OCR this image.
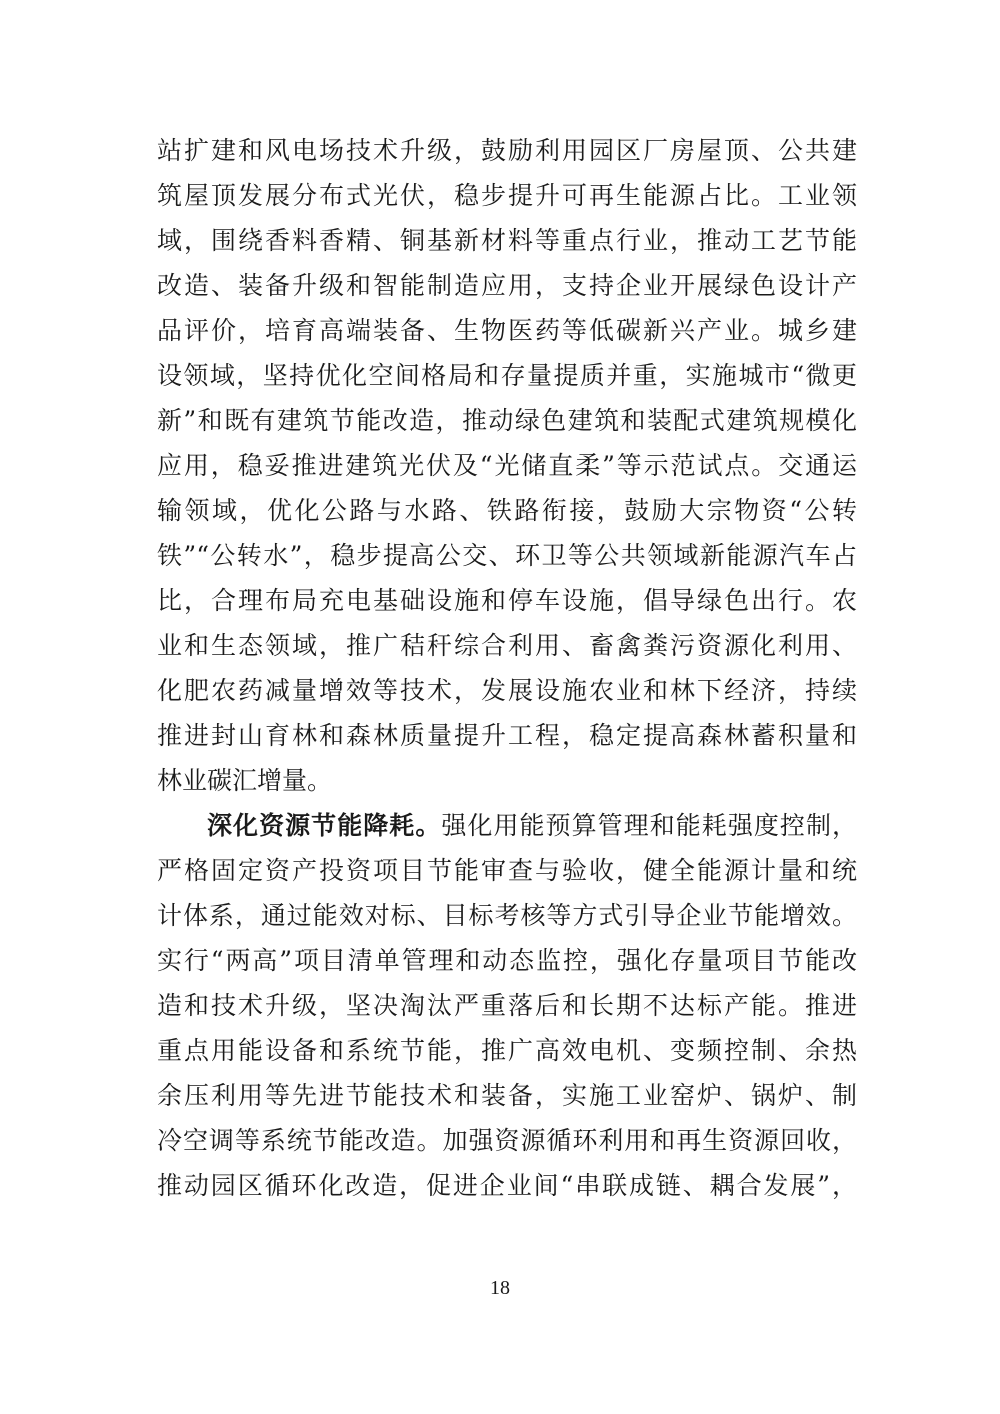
站扩建和风电场技术升级，鼓励利用园区厂房屋顶、公共建
筑屋顶发展分布式光伏，稳步提升可再生能源占比。工业领
域，围绕香料香精、铜基新材料等重点行业，推动工艺节能
改造、装备升级和智能制造应用，支持企业开展绿色设计产
品评价，培育高端装备、生物医药等低碳新兴产业。城乡建
设领域，坚持优化空间格局和存量提质并重，实施城市“微更
新”和既有建筑节能改造，推动绿色建筑和装配式建筑规模化
应用，稳妥推进建筑光伏及“光储直柔”等示范试点。交通运
输领域，优化公路与水路、铁路衔接，鼓励大宗物资“公转
铁”“公转水”，稳步提高公交、环卫等公共领域新能源汽车占
比，合理布局充电基础设施和停车设施，倡导绿色出行。农
业和生态领域，推广秸秆综合利用、畜禽粪污资源化利用、
化肥农药减量增效等技术，发展设施农业和林下经济，持续
推进封山育林和森林质量提升工程，稳定提高森林蓄积量和
林业碳汇增量。
深化资源节能降耗。强化用能预算管理和能耗强度控制，
严格固定资产投资项目节能审查与验收，健全能源计量和统
计体系，通过能效对标、目标考核等方式引导企业节能增效。
实行“两高”项目清单管理和动态监控，强化存量项目节能改
造和技术升级，坚决淘汰严重落后和长期不达标产能。推进
重点用能设备和系统节能，推广高效电机、变频控制、余热
余压利用等先进节能技术和装备，实施工业窑炉、锅炉、制
冷空调等系统节能改造。加强资源循环利用和再生资源回收，
推动园区循环化改造，促进企业间“串联成链、耦合发展”，
18
